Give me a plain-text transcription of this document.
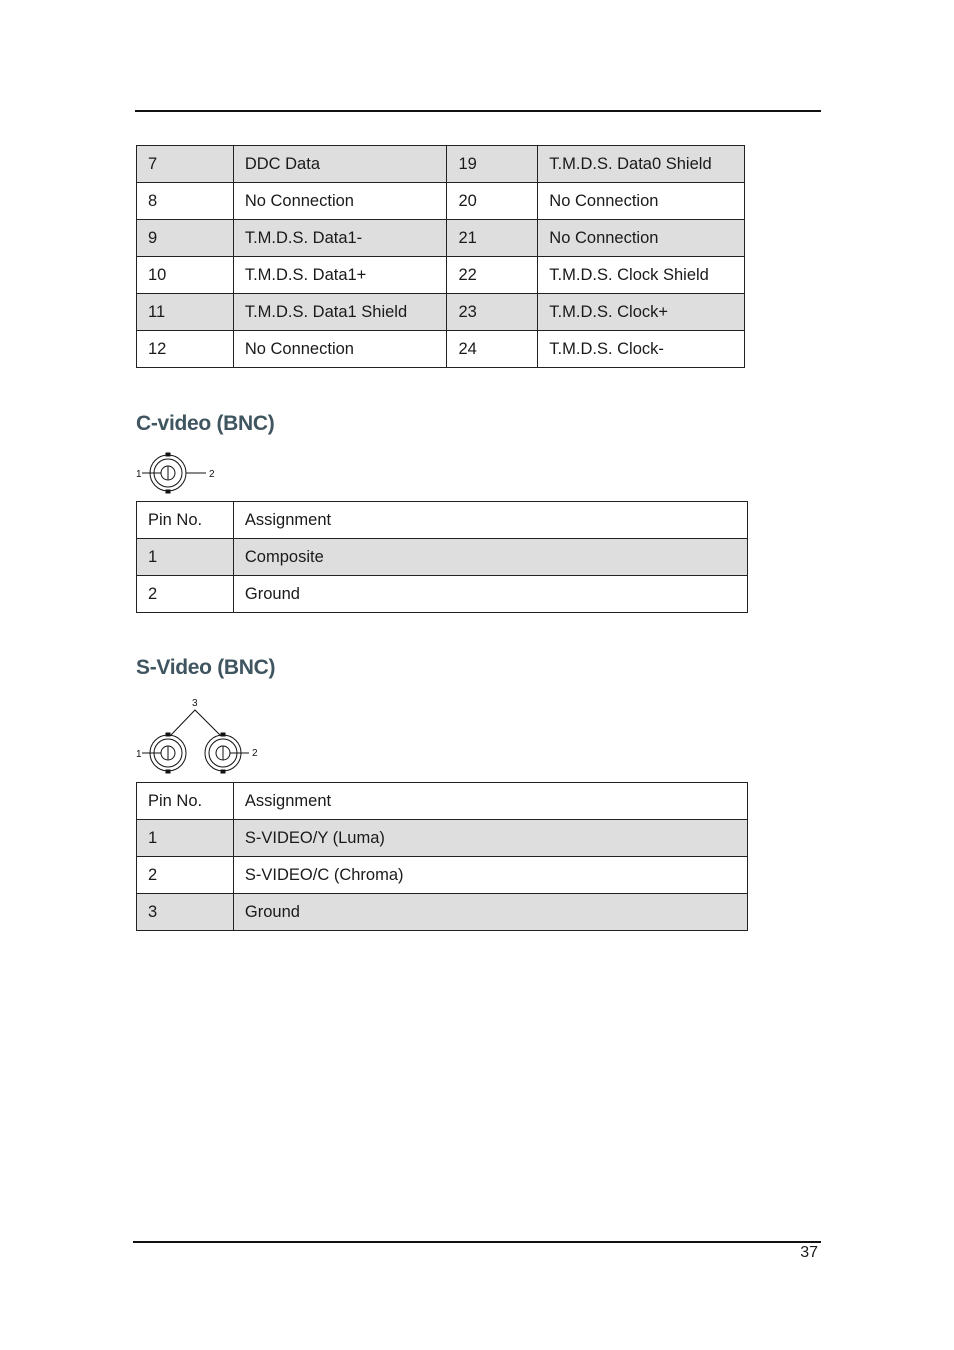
7	DDC Data	19	T.M.D.S. Data0 Shield
8	No Connection	20	No Connection
9	T.M.D.S. Data1-	21	No Connection
10	T.M.D.S. Data1+	22	T.M.D.S. Clock Shield
11	T.M.D.S. Data1 Shield	23	T.M.D.S. Clock+
12	No Connection	24	T.M.D.S. Clock-
C-video (BNC)
1	2
Pin No.	Assignment
1	Composite
2	Ground
S-Video (BNC)
3
1	2
Pin No.	Assignment
1	S-VIDEO/Y (Luma)
2	S-VIDEO/C (Chroma)
3	Ground
37
